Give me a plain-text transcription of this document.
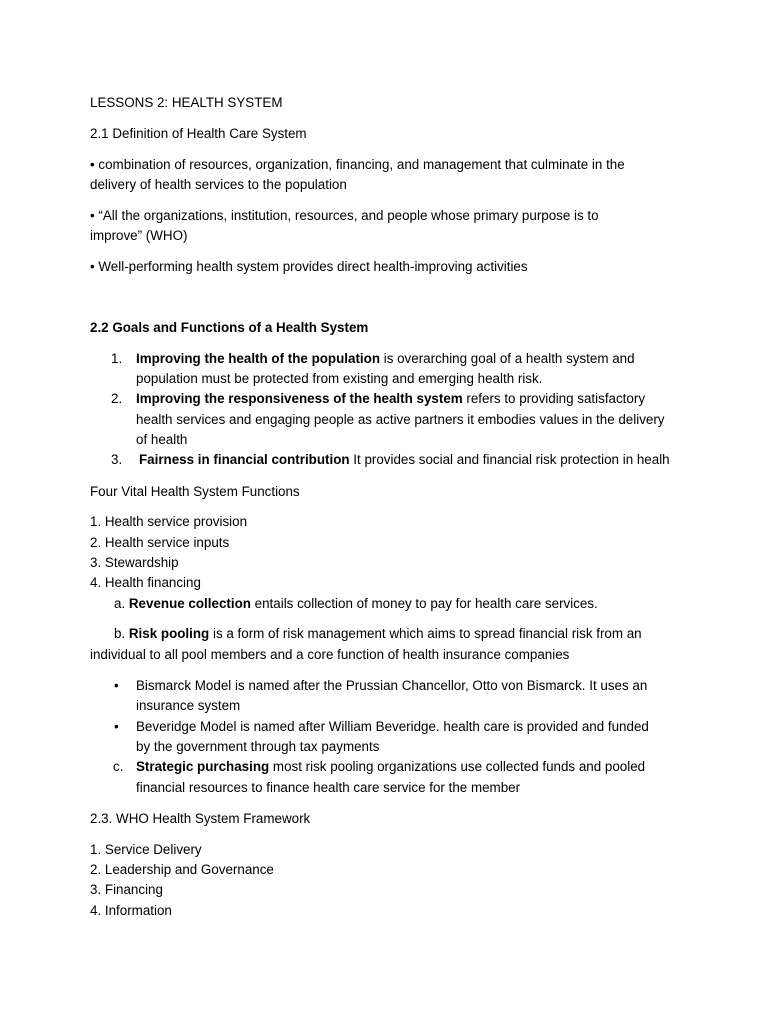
LESSONS 2: HEALTH SYSTEM

2.1 Definition of Health Care System

• combination of resources, organization, financing, and management that culminate in the

delivery of health services to the population

• “All the organizations, institution, resources, and people whose primary purpose is to

improve” (WHO)

• Well-performing health system provides direct health-improving activities

2.2 Goals and Functions of a Health System

1. Improving the health of the population is overarching goal of a health system and

population must be protected from existing and emerging health risk.

2. Improving the responsiveness of the health system refers to providing satisfactory

health services and engaging people as active partners it embodies values in the delivery

of health

3. Fairness in financial contribution It provides social and financial risk protection in healh

Four Vital Health System Functions

1. Health service provision

2. Health service inputs

3. Stewardship

4. Health financing

a. Revenue collection entails collection of money to pay for health care services.

b. Risk pooling is a form of risk management which aims to spread financial risk from an

individual to all pool members and a core function of health insurance companies

• Bismarck Model is named after the Prussian Chancellor, Otto von Bismarck. It uses an

insurance system

• Beveridge Model is named after William Beveridge. health care is provided and funded

by the government through tax payments

c. Strategic purchasing most risk pooling organizations use collected funds and pooled

financial resources to finance health care service for the member

2.3. WHO Health System Framework

1. Service Delivery

2. Leadership and Governance

3. Financing

4. Information
